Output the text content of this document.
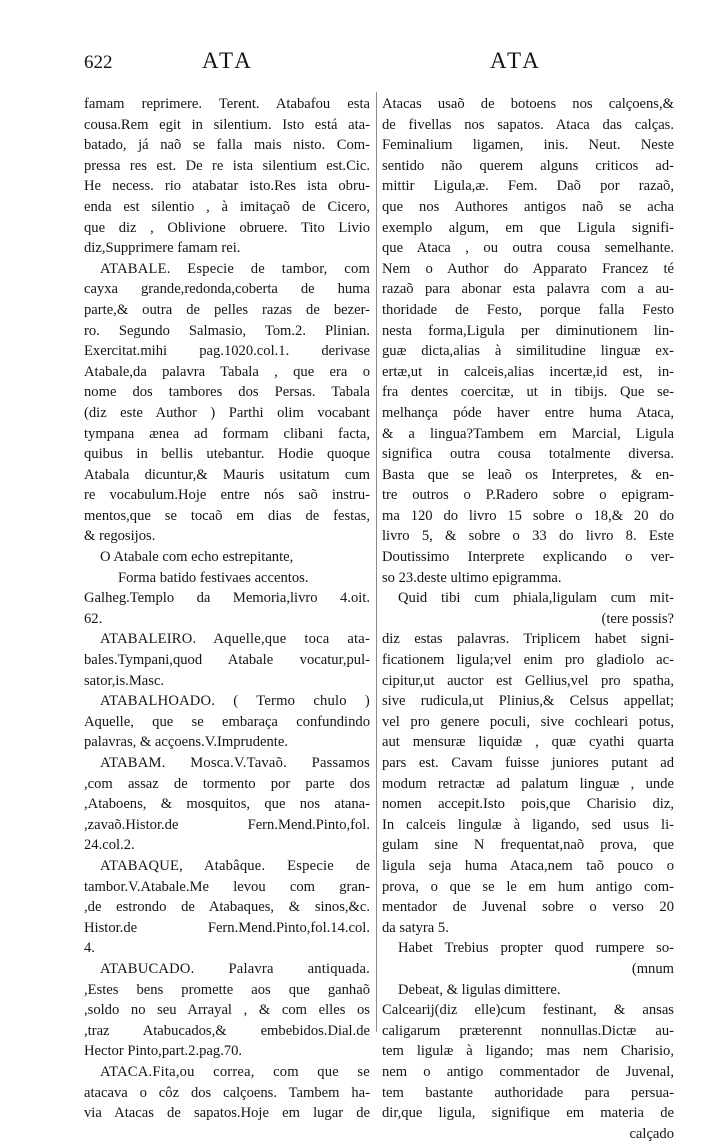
622	ATA	ATA
famam reprimere. Terent. Atabafou esta
cousa.Rem egit in silentium. Isto está ata-
batado, já naõ se falla mais nisto. Com-
pressa res est. De re ista silentium est.Cic.
He necess. rio atabatar isto.Res ista obru-
enda est silentio , à imitaçaõ de Cicero,
que diz , Oblivione obruere. Tito Livio
diz,Supprimere famam rei.
ATABALE. Especie de tambor, com
cayxa grande,redonda,coberta de huma
parte,& outra de pelles razas de bezer-
ro. Segundo Salmasio, Tom.2. Plinian.
Exercitat.mihi pag.1020.col.1. derivase
Atabale,da palavra Tabala , que era o
nome dos tambores dos Persas. Tabala
(diz este Author ) Parthi olim vocabant
tympana ænea ad formam clibani facta,
quibus in bellis utebantur. Hodie quoque
Atabala dicuntur,& Mauris usitatum cum
re vocabulum.Hoje entre nós saõ instru-
mentos,que se tocaõ em dias de festas,
& regosijos.
O Atabale com echo estrepitante,
Forma batido festivaes accentos.
Galheg.Templo da Memoria,livro 4.oit.
62.
ATABALEIRO. Aquelle,que toca ata-
bales.Tympani,quod Atabale vocatur,pul-
sator,is.Masc.
ATABALHOADO. ( Termo chulo )
Aquelle, que se embaraça confundindo
palavras, & acçoens.V.Imprudente.
ATABAM. Mosca.V.Tavaõ. Passamos
,com assaz de tormento por parte dos
,Ataboens, & mosquitos, que nos atana-
,zavaõ.Histor.de Fern.Mend.Pinto,fol.
24.col.2.
ATABAQUE, Atabâque. Especie de
tambor.V.Atabale.Me levou com gran-
,de estrondo de Atabaques, & sinos,&c.
Histor.de Fern.Mend.Pinto,fol.14.col.
4.
ATABUCADO. Palavra antiquada.
,Estes bens promette aos que ganhaõ
,soldo no seu Arrayal , & com elles os
,traz Atabucados,& embebidos.Dial.de
Hector Pinto,part.2.pag.70.
ATACA.Fita,ou correa, com que se
atacava o côz dos calçoens. Tambem ha-
via Atacas de sapatos.Hoje em lugar de
Atacas usaõ de botoens nos calçoens,&
de fivellas nos sapatos. Ataca das calças.
Feminalium ligamen, inis. Neut. Neste
sentido não querem alguns criticos ad-
mittir Ligula,æ. Fem. Daõ por razaõ,
que nos Authores antigos naõ se acha
exemplo algum, em que Ligula signifi-
que Ataca , ou outra cousa semelhante.
Nem o Author do Apparato Francez té
razaõ para abonar esta palavra com a au-
thoridade de Festo, porque falla Festo
nesta forma,Ligula per diminutionem lin-
guæ dicta,alias à similitudine linguæ ex-
ertæ,ut in calceis,alias incertæ,id est, in-
fra dentes coercitæ, ut in tibijs. Que se-
melhança póde haver entre huma Ataca,
& a lingua?Tambem em Marcial, Ligula
significa outra cousa totalmente diversa.
Basta que se leaõ os Interpretes, & en-
tre outros o P.Radero sobre o epigram-
ma 120 do livro 15 sobre o 18,& 20 do
livro 5, & sobre o 33 do livro 8. Este
Doutissimo Interprete explicando o ver-
so 23.deste ultimo epigramma.
Quid tibi cum phiala,ligulam cum mit-
(tere possis?
diz estas palavras. Triplicem habet signi-
ficationem ligula;vel enim pro gladiolo ac-
cipitur,ut auctor est Gellius,vel pro spatha,
sive rudicula,ut Plinius,& Celsus appellat;
vel pro genere poculi, sive cochleari potus,
aut mensuræ liquidæ , quæ cyathi quarta
pars est. Cavam fuisse juniores putant ad
modum retractæ ad palatum linguæ , unde
nomen accepit.Isto pois,que Charisio diz,
In calceis lingulæ à ligando, sed usus li-
gulam sine N frequentat,naõ prova, que
ligula seja huma Ataca,nem taõ pouco o
prova, o que se le em hum antigo com-
mentador de Juvenal sobre o verso 20
da satyra 5.
Habet Trebius propter quod rumpere so-
(mnum
Debeat, & ligulas dimittere.
Calcearij(diz elle)cum festinant, & ansas
caligarum præterennt nonnullas.Dictæ au-
tem ligulæ à ligando; mas nem Charisio,
nem o antigo commentador de Juvenal,
tem bastante authoridade para persua-
dir,que ligula, signifique em materia de
calçado
